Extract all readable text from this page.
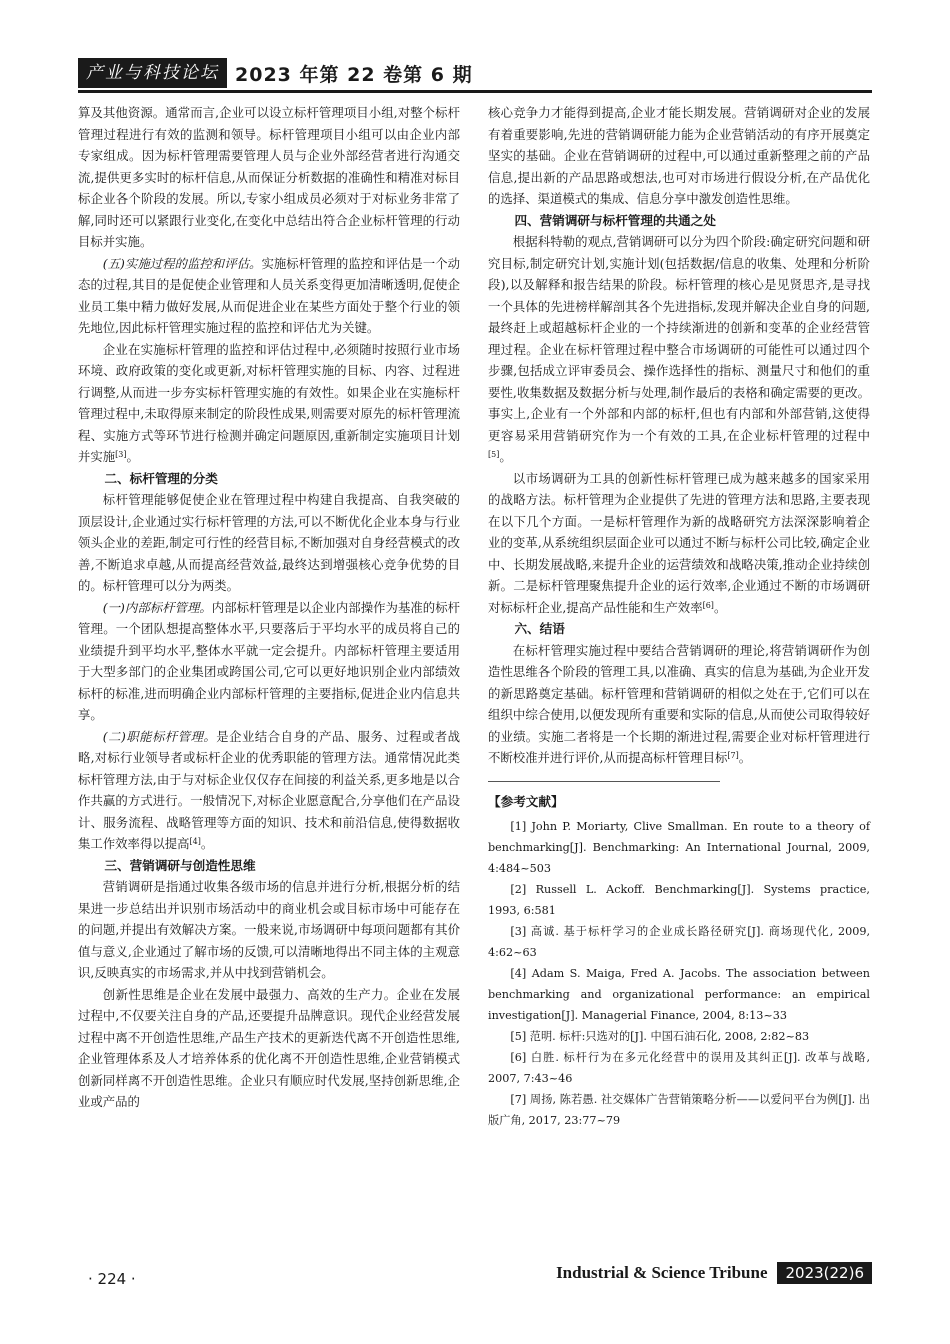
产业与科技论坛 2023 年第 22 卷第 6 期

算及其他资源。通常而言,企业可以设立标杆管理项目小组,对整个标杆管理过程进行有效的监测和领导。标杆管理项目小组可以由企业内部专家组成。因为标杆管理需要管理人员与企业外部经营者进行沟通交流,提供更多实时的标杆信息,从而保证分析数据的准确性和精准对标目标企业各个阶段的发展。所以,专家小组成员必须对于对标业务非常了解,同时还可以紧跟行业变化,在变化中总结出符合企业标杆管理的行动目标并实施。

(五)实施过程的监控和评估。实施标杆管理的监控和评估是一个动态的过程,其目的是促使企业管理和人员关系变得更加清晰透明,促使企业员工集中精力做好发展,从而促进企业在某些方面处于整个行业的领先地位,因此标杆管理实施过程的监控和评估尤为关键。

企业在实施标杆管理的监控和评估过程中,必须随时按照行业市场环境、政府政策的变化或更新,对标杆管理实施的目标、内容、过程进行调整,从而进一步夯实标杆管理实施的有效性。如果企业在实施标杆管理过程中,未取得原来制定的阶段性成果,则需要对原先的标杆管理流程、实施方式等环节进行检测并确定问题原因,重新制定实施项目计划并实施[3]。

二、标杆管理的分类

标杆管理能够促使企业在管理过程中构建自我提高、自我突破的顶层设计,企业通过实行标杆管理的方法,可以不断优化企业本身与行业领头企业的差距,制定可行性的经营目标,不断加强对自身经营模式的改善,不断追求卓越,从而提高经营效益,最终达到增强核心竞争优势的目的。标杆管理可以分为两类。

(一)内部标杆管理。内部标杆管理是以企业内部操作为基准的标杆管理。一个团队想提高整体水平,只要落后于平均水平的成员将自己的业绩提升到平均水平,整体水平就一定会提升。内部标杆管理主要适用于大型多部门的企业集团或跨国公司,它可以更好地识别企业内部绩效标杆的标准,进而明确企业内部标杆管理的主要指标,促进企业内信息共享。

(二)职能标杆管理。是企业结合自身的产品、服务、过程或者战略,对标行业领导者或标杆企业的优秀职能的管理方法。通常情况此类标杆管理方法,由于与对标企业仅仅存在间接的利益关系,更多地是以合作共赢的方式进行。一般情况下,对标企业愿意配合,分享他们在产品设计、服务流程、战略管理等方面的知识、技术和前沿信息,使得数据收集工作效率得以提高[4]。

三、营销调研与创造性思维

营销调研是指通过收集各级市场的信息并进行分析,根据分析的结果进一步总结出并识别市场活动中的商业机会或目标市场中可能存在的问题,并提出有效解决方案。一般来说,市场调研中每项问题都有其价值与意义,企业通过了解市场的反馈,可以清晰地得出不同主体的主观意识,反映真实的市场需求,并从中找到营销机会。

创新性思维是企业在发展中最强力、高效的生产力。企业在发展过程中,不仅要关注自身的产品,还要提升品牌意识。现代企业经营发展过程中离不开创造性思维,产品生产技术的更新迭代离不开创造性思维,企业管理体系及人才培养体系的优化离不开创造性思维,企业营销模式创新同样离不开创造性思维。企业只有顺应时代发展,坚持创新思维,企业或产品的

核心竞争力才能得到提高,企业才能长期发展。营销调研对企业的发展有着重要影响,先进的营销调研能力能为企业营销活动的有序开展奠定坚实的基础。企业在营销调研的过程中,可以通过重新整理之前的产品信息,提出新的产品思路或想法,也可对市场进行假设分析,在产品优化的选择、渠道模式的集成、信息分享中激发创造性思维。

四、营销调研与标杆管理的共通之处

根据科特勒的观点,营销调研可以分为四个阶段:确定研究问题和研究目标,制定研究计划,实施计划(包括数据/信息的收集、处理和分析阶段),以及解释和报告结果的阶段。标杆管理的核心是见贤思齐,是寻找一个具体的先进榜样解剖其各个先进指标,发现并解决企业自身的问题,最终赶上或超越标杆企业的一个持续渐进的创新和变革的企业经营管理过程。企业在标杆管理过程中整合市场调研的可能性可以通过四个步骤,包括成立评审委员会、操作选择性的指标、测量尺寸和他们的重要性,收集数据及数据分析与处理,制作最后的表格和确定需要的更改。事实上,企业有一个外部和内部的标杆,但也有内部和外部营销,这使得更容易采用营销研究作为一个有效的工具,在企业标杆管理的过程中[5]。

以市场调研为工具的创新性标杆管理已成为越来越多的国家采用的战略方法。标杆管理为企业提供了先进的管理方法和思路,主要表现在以下几个方面。一是标杆管理作为新的战略研究方法深深影响着企业的变革,从系统组织层面企业可以通过不断与标杆公司比较,确定企业中、长期发展战略,来提升企业的运营绩效和战略决策,推动企业持续创新。二是标杆管理聚焦提升企业的运行效率,企业通过不断的市场调研对标标杆企业,提高产品性能和生产效率[6]。

六、结语

在标杆管理实施过程中要结合营销调研的理论,将营销调研作为创造性思维各个阶段的管理工具,以准确、真实的信息为基础,为企业开发的新思路奠定基础。标杆管理和营销调研的相似之处在于,它们可以在组织中综合使用,以便发现所有重要和实际的信息,从而使公司取得较好的业绩。实施二者将是一个长期的渐进过程,需要企业对标杆管理进行不断校准并进行评价,从而提高标杆管理目标[7]。

【参考文献】

[1] John P. Moriarty, Clive Smallman. En route to a theory of benchmarking[J]. Benchmarking: An International Journal, 2009, 4:484~503

[2] Russell L. Ackoff. Benchmarking[J]. Systems practice, 1993, 6:581

[3] 高诚. 基于标杆学习的企业成长路径研究[J]. 商场现代化, 2009, 4:62~63

[4] Adam S. Maiga, Fred A. Jacobs. The association between benchmarking and organizational performance: an empirical investigation[J]. Managerial Finance, 2004, 8:13~33

[5] 范明. 标杆:只选对的[J]. 中国石油石化, 2008, 2:82~83

[6] 白胜. 标杆行为在多元化经营中的误用及其纠正[J]. 改革与战略, 2007, 7:43~46

[7] 周扬, 陈若愚. 社交媒体广告营销策略分析——以爱问平台为例[J]. 出版广角, 2017, 23:77~79

· 224 ·	Industrial & Science Tribune	2023(22)6
